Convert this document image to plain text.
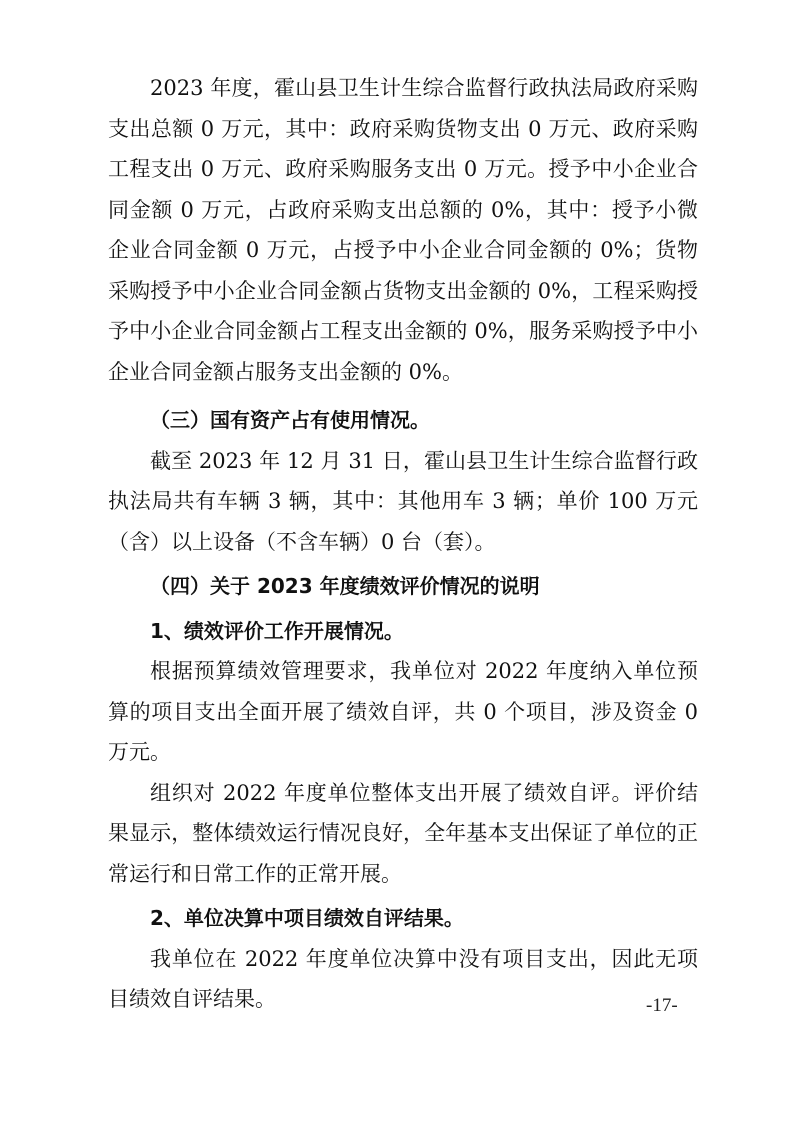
2023 年度，霍山县卫生计生综合监督行政执法局政府采购支出总额 0 万元，其中：政府采购货物支出 0 万元、政府采购工程支出 0 万元、政府采购服务支出 0 万元。授予中小企业合同金额 0 万元，占政府采购支出总额的 0%，其中：授予小微企业合同金额 0 万元，占授予中小企业合同金额的 0%；货物采购授予中小企业合同金额占货物支出金额的 0%，工程采购授予中小企业合同金额占工程支出金额的 0%，服务采购授予中小企业合同金额占服务支出金额的 0%。

（三）国有资产占有使用情况。

截至 2023 年 12 月 31 日，霍山县卫生计生综合监督行政执法局共有车辆 3 辆，其中：其他用车 3 辆；单价 100 万元（含）以上设备（不含车辆）0 台（套）。

（四）关于 2023 年度绩效评价情况的说明

1、绩效评价工作开展情况。

根据预算绩效管理要求，我单位对 2022 年度纳入单位预算的项目支出全面开展了绩效自评，共 0 个项目，涉及资金 0 万元。

组织对 2022 年度单位整体支出开展了绩效自评。评价结果显示，整体绩效运行情况良好，全年基本支出保证了单位的正常运行和日常工作的正常开展。

2、单位决算中项目绩效自评结果。

我单位在 2022 年度单位决算中没有项目支出，因此无项目绩效自评结果。	-17-
